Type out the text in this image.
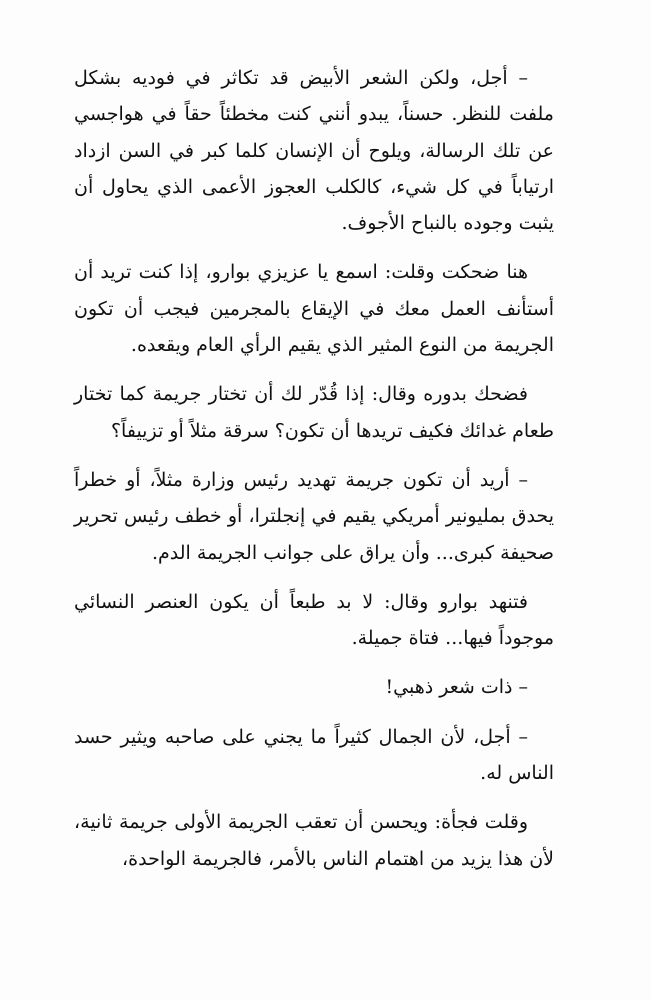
– أجل، ولكن الشعر الأبيض قد تكاثر في فوديه بشكل ملفت للنظر. حسناً، يبدو أنني كنت مخطئاً حقاً في هواجسي عن تلك الرسالة، ويلوح أن الإنسان كلما كبر في السن ازداد ارتياباً في كل شيء، كالكلب العجوز الأعمى الذي يحاول أن يثبت وجوده بالنباح الأجوف.

هنا ضحكت وقلت: اسمع يا عزيزي بوارو، إذا كنت تريد أن أستأنف العمل معك في الإيقاع بالمجرمين فيجب أن تكون الجريمة من النوع المثير الذي يقيم الرأي العام ويقعده.

فضحك بدوره وقال: إذا قُدّر لك أن تختار جريمة كما تختار طعام غدائك فكيف تريدها أن تكون؟ سرقة مثلاً أو تزييفاً؟

– أريد أن تكون جريمة تهديد رئيس وزارة مثلاً، أو خطراً يحدق بمليونير أمريكي يقيم في إنجلترا، أو خطف رئيس تحرير صحيفة كبرى... وأن يراق على جوانب الجريمة الدم.

فتنهد بوارو وقال: لا بد طبعاً أن يكون العنصر النسائي موجوداً فيها... فتاة جميلة.

– ذات شعر ذهبي!

– أجل، لأن الجمال كثيراً ما يجني على صاحبه ويثير حسد الناس له.

وقلت فجأة: ويحسن أن تعقب الجريمة الأولى جريمة ثانية، لأن هذا يزيد من اهتمام الناس بالأمر، فالجريمة الواحدة،
